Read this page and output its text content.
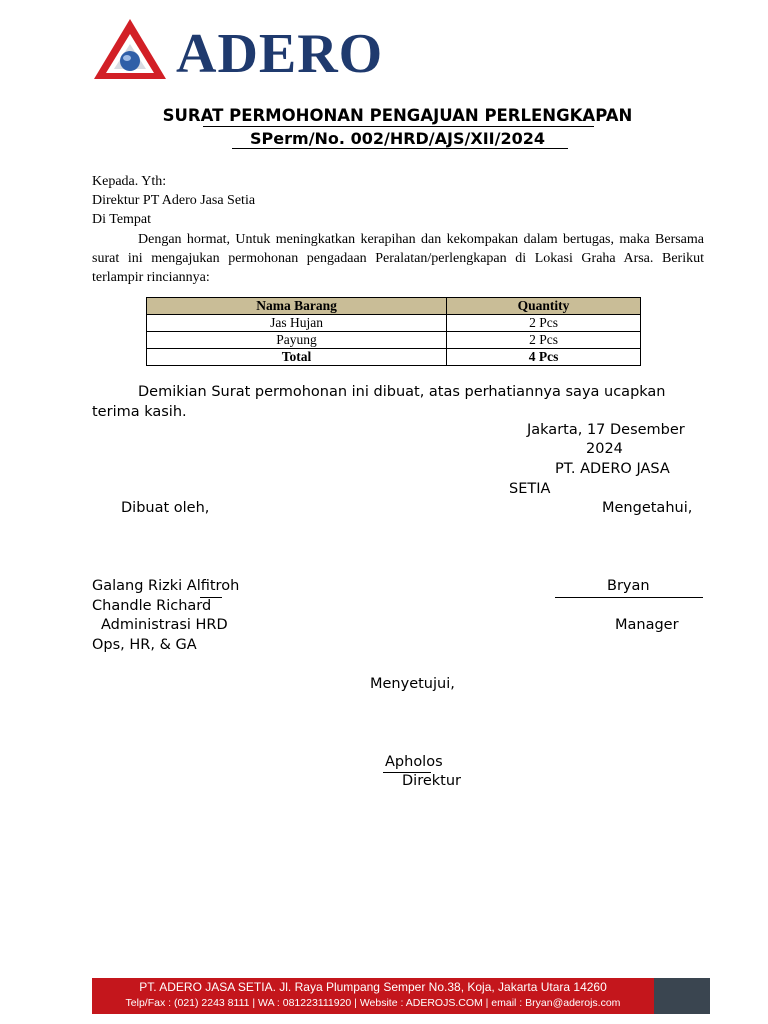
ADERO
SURAT PERMOHONAN PENGAJUAN PERLENGKAPAN
SPerm/No. 002/HRD/AJS/XII/2024
Kepada. Yth:
Direktur PT Adero Jasa Setia
Di Tempat
Dengan hormat, Untuk meningkatkan kerapihan dan kekompakan dalam bertugas, maka Bersama surat ini mengajukan permohonan pengadaan Peralatan/perlengkapan di Lokasi Graha Arsa. Berikut terlampir rinciannya:
Nama Barang	Quantity
Jas Hujan	2 Pcs
Payung	2 Pcs
Total	4 Pcs
Demikian Surat permohonan ini dibuat, atas perhatiannya saya ucapkan terima kasih.
Jakarta, 17 Desember
2024
PT. ADERO JASA
SETIA
Dibuat oleh,	Mengetahui,
Galang Rizki Alfitroh
Chandle Richard
Administrasi HRD
Ops, HR, & GA
Bryan
Manager
Menyetujui,
Apholos
Direktur
PT. ADERO JASA SETIA. Jl. Raya Plumpang Semper No.38, Koja, Jakarta Utara 14260
Telp/Fax : (021) 2243 8111 | WA : 081223111920 | Website : ADEROJS.COM | email : Bryan@aderojs.com
